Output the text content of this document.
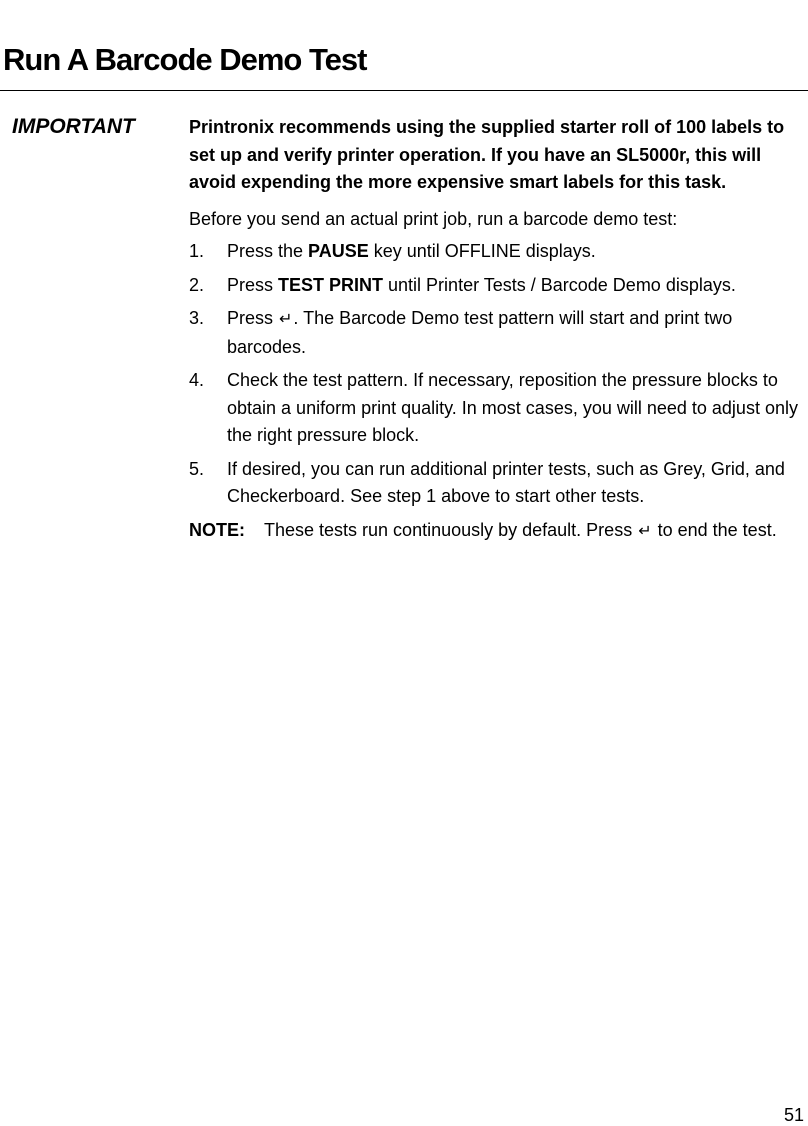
Run A Barcode Demo Test
IMPORTANT	Printronix recommends using the supplied starter roll of 100 labels to set up and verify printer operation. If you have an SL5000r, this will avoid expending the more expensive smart labels for this task.

Before you send an actual print job, run a barcode demo test:

1. Press the PAUSE key until OFFLINE displays.
2. Press TEST PRINT until Printer Tests / Barcode Demo displays.
3. Press ↵. The Barcode Demo test pattern will start and print two barcodes.
4. Check the test pattern. If necessary, reposition the pressure blocks to obtain a uniform print quality. In most cases, you will need to adjust only the right pressure block.
5. If desired, you can run additional printer tests, such as Grey, Grid, and Checkerboard. See step 1 above to start other tests.
NOTE: These tests run continuously by default. Press ↵ to end the test.
51
